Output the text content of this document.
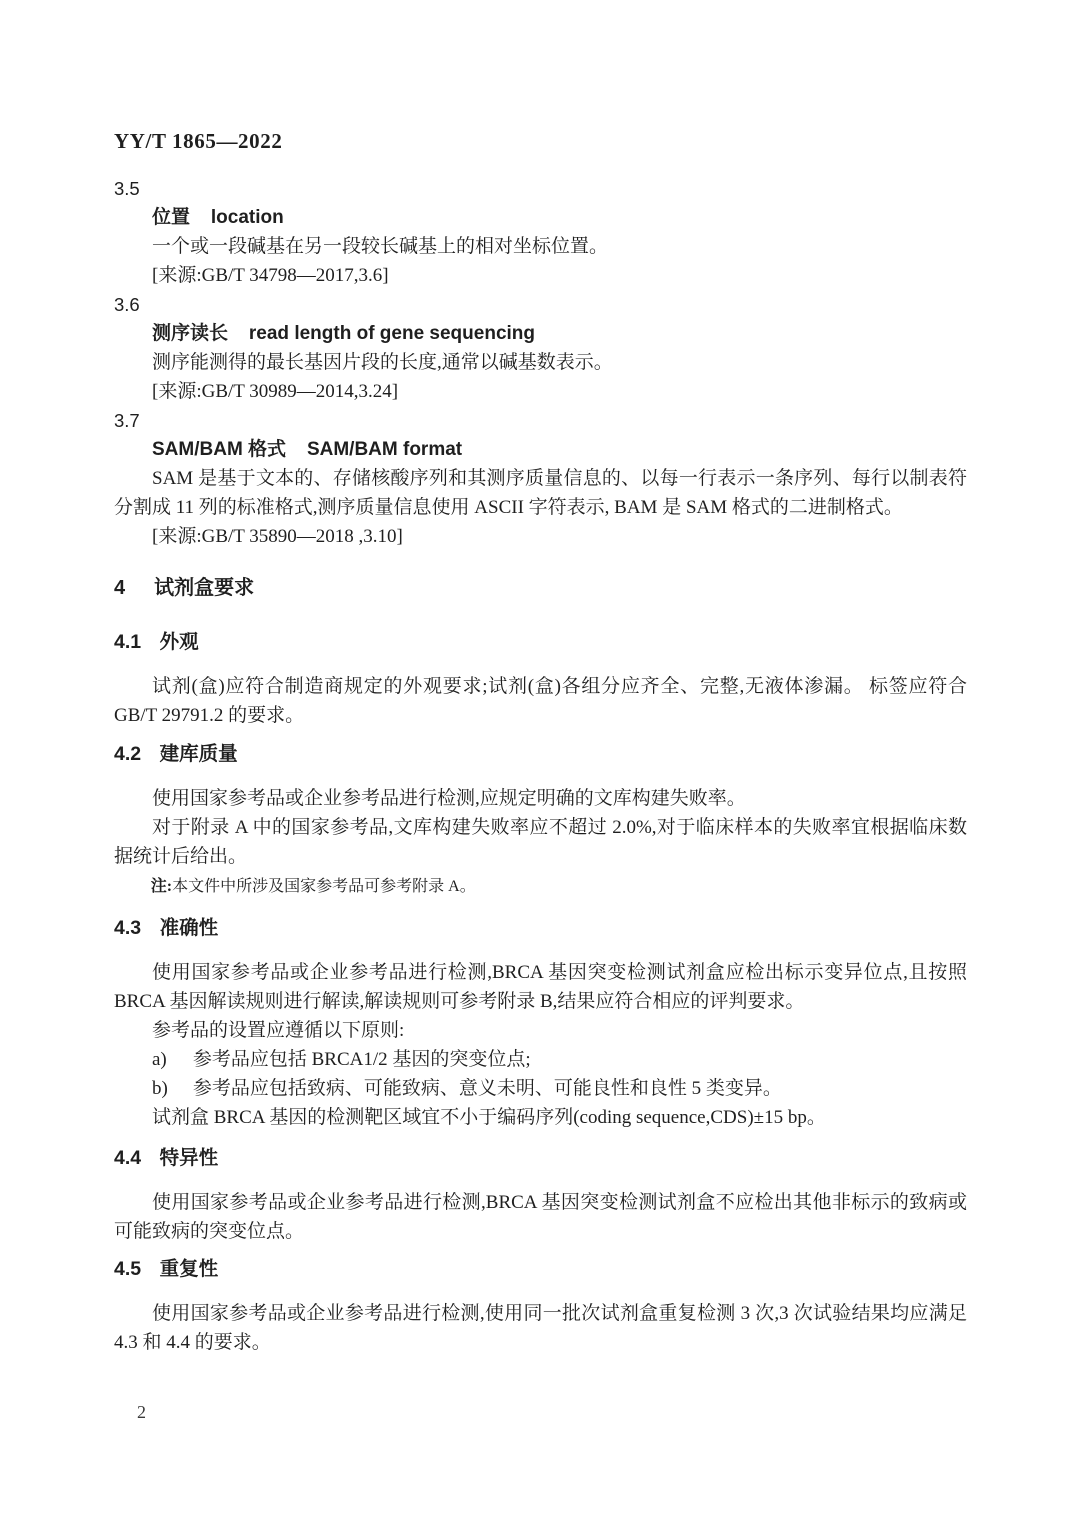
YY/T 1865—2022
3.5
位置 location

一个或一段碱基在另一段较长碱基上的相对坐标位置。

[来源:GB/T 34798—2017,3.6]
3.6
测序读长 read length of gene sequencing

测序能测得的最长基因片段的长度,通常以碱基数表示。

[来源:GB/T 30989—2014,3.24]
3.7
SAM/BAM 格式 SAM/BAM format

SAM 是基于文本的、存储核酸序列和其测序质量信息的、以每一行表示一条序列、每行以制表符分割成 11 列的标准格式,测序质量信息使用 ASCII 字符表示, BAM 是 SAM 格式的二进制格式。

[来源:GB/T 35890—2018 ,3.10]
4 试剂盒要求
4.1 外观

试剂(盒)应符合制造商规定的外观要求;试剂(盒)各组分应齐全、完整,无液体渗漏。 标签应符合 GB/T 29791.2 的要求。

4.2 建库质量

使用国家参考品或企业参考品进行检测,应规定明确的文库构建失败率。

对于附录 A 中的国家参考品,文库构建失败率应不超过 2.0%,对于临床样本的失败率宜根据临床数据统计后给出。

注:本文件中所涉及国家参考品可参考附录 A。
4.3 准确性

使用国家参考品或企业参考品进行检测,BRCA 基因突变检测试剂盒应检出标示变异位点,且按照 BRCA 基因解读规则进行解读,解读规则可参考附录 B,结果应符合相应的评判要求。

参考品的设置应遵循以下原则:

a) 参考品应包括 BRCA1/2 基因的突变位点;
b) 参考品应包括致病、可能致病、意义未明、可能良性和良性 5 类变异。

试剂盒 BRCA 基因的检测靶区域宜不小于编码序列(coding sequence,CDS)±15 bp。

4.4 特异性

使用国家参考品或企业参考品进行检测,BRCA 基因突变检测试剂盒不应检出其他非标示的致病或可能致病的突变位点。

4.5 重复性

使用国家参考品或企业参考品进行检测,使用同一批次试剂盒重复检测 3 次,3 次试验结果均应满足 4.3 和 4.4 的要求。

2
